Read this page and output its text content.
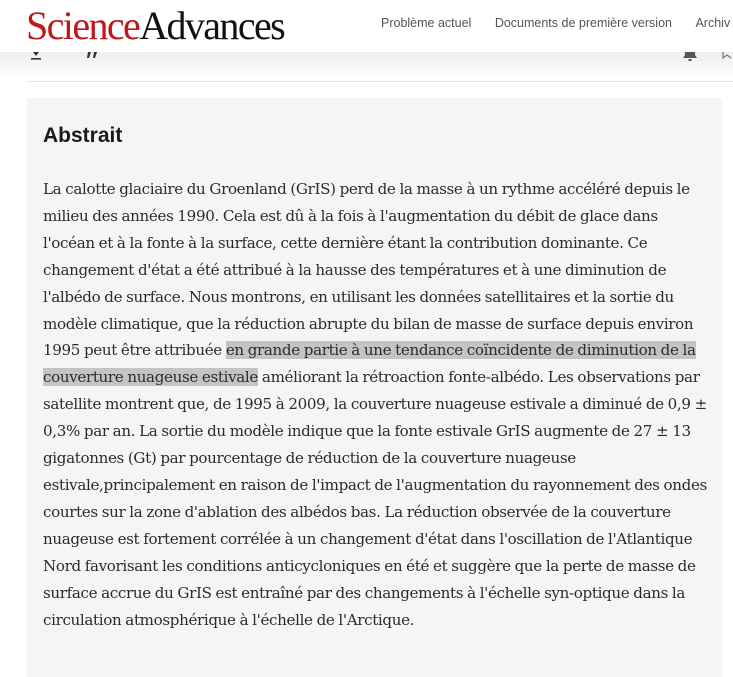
ScienceAdvances	Problème actuel Documents de première version Archiv
Abstrait

La calotte glaciaire du Groenland (GrIS) perd de la masse à un rythme accéléré depuis le milieu des années 1990. Cela est dû à la fois à l'augmentation du débit de glace dans l'océan et à la fonte à la surface, cette dernière étant la contribution dominante. Ce changement d'état a été attribué à la hausse des températures et à une diminution de l'albédo de surface. Nous montrons, en utilisant les données satellitaires et la sortie du modèle climatique, que la réduction abrupte du bilan de masse de surface depuis environ 1995 peut être attribuée en grande partie à une tendance coïncidente de diminution de la couverture nuageuse estivale améliorant la rétroaction fonte-albédo. Les observations par satellite montrent que, de 1995 à 2009, la couverture nuageuse estivale a diminué de 0,9 ± 0,3% par an. La sortie du modèle indique que la fonte estivale GrIS augmente de 27 ± 13 gigatonnes (Gt) par pourcentage de réduction de la couverture nuageuse estivale,principalement en raison de l'impact de l'augmentation du rayonnement des ondes courtes sur la zone d'ablation des albédos bas. La réduction observée de la couverture nuageuse est fortement corrélée à un changement d'état dans l'oscillation de l'Atlantique Nord favorisant les conditions anticycloniques en été et suggère que la perte de masse de surface accrue du GrIS est entraîné par des changements à l'échelle syn-optique dans la circulation atmosphérique à l'échelle de l'Arctique.
